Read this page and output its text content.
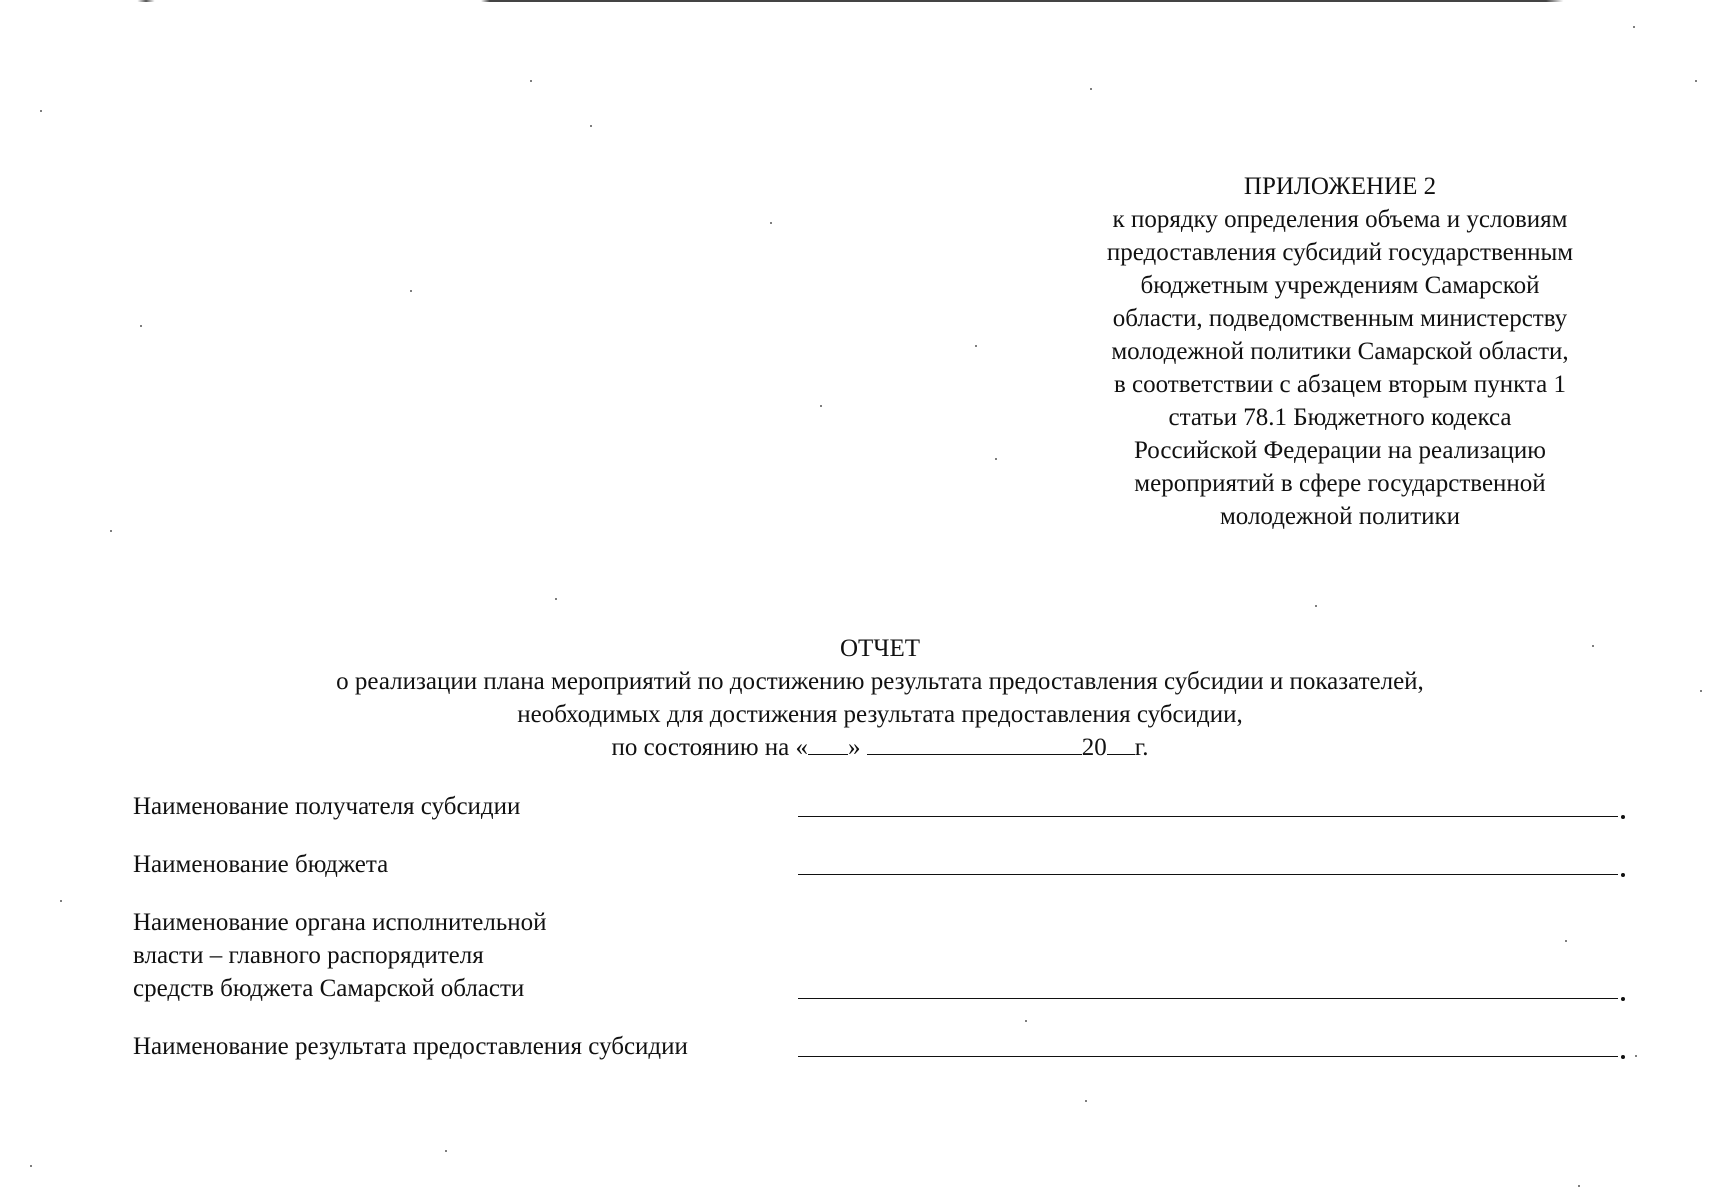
ПРИЛОЖЕНИЕ 2
к порядку определения объема и условиям
предоставления субсидий государственным
бюджетным учреждениям Самарской
области, подведомственным министерству
молодежной политики Самарской области,
в соответствии с абзацем вторым пункта 1
статьи 78.1 Бюджетного кодекса
Российской Федерации на реализацию
мероприятий в сфере государственной
молодежной политики
ОТЧЕТ
о реализации плана мероприятий по достижению результата предоставления субсидии и показателей,
необходимых для достижения результата предоставления субсидии,
по состоянию на « »	20 г.
Наименование получателя субсидии
Наименование бюджета
Наименование органа исполнительной
власти – главного распорядителя
средств бюджета Самарской области
Наименование результата предоставления субсидии
